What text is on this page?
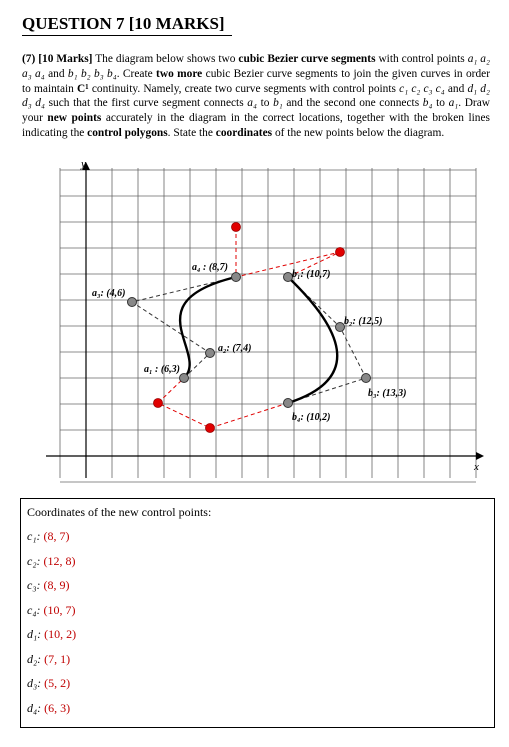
QUESTION 7 [10 MARKS]
(7) [10 Marks] The diagram below shows two cubic Bezier curve segments with control points a₁ a₂ a₃ a₄ and b₁ b₂ b₃ b₄. Create two more cubic Bezier curve segments to join the given curves in order to maintain C¹ continuity. Namely, create two curve segments with control points c₁ c₂ c₃ c₄ and d₁ d₂ d₃ d₄ such that the first curve segment connects a₄ to b₁ and the second one connects b₄ to a₁. Draw your new points accurately in the diagram in the correct locations, together with the broken lines indicating the control polygons. State the coordinates of the new points below the diagram.
x
y
a₁ : (6,3)
a₂: (7,4)
a₃: (4,6)
a₄ : (8,7)
b₁: (10,7)
b₂: (12,5)
b₃: (13,3)
b₄: (10,2)
Coordinates of the new control points:
c₁: (8, 7)
c₂: (12, 8)
c₃: (8, 9)
c₄: (10, 7)
d₁: (10, 2)
d₂: (7, 1)
d₃: (5, 2)
d₄: (6, 3)
